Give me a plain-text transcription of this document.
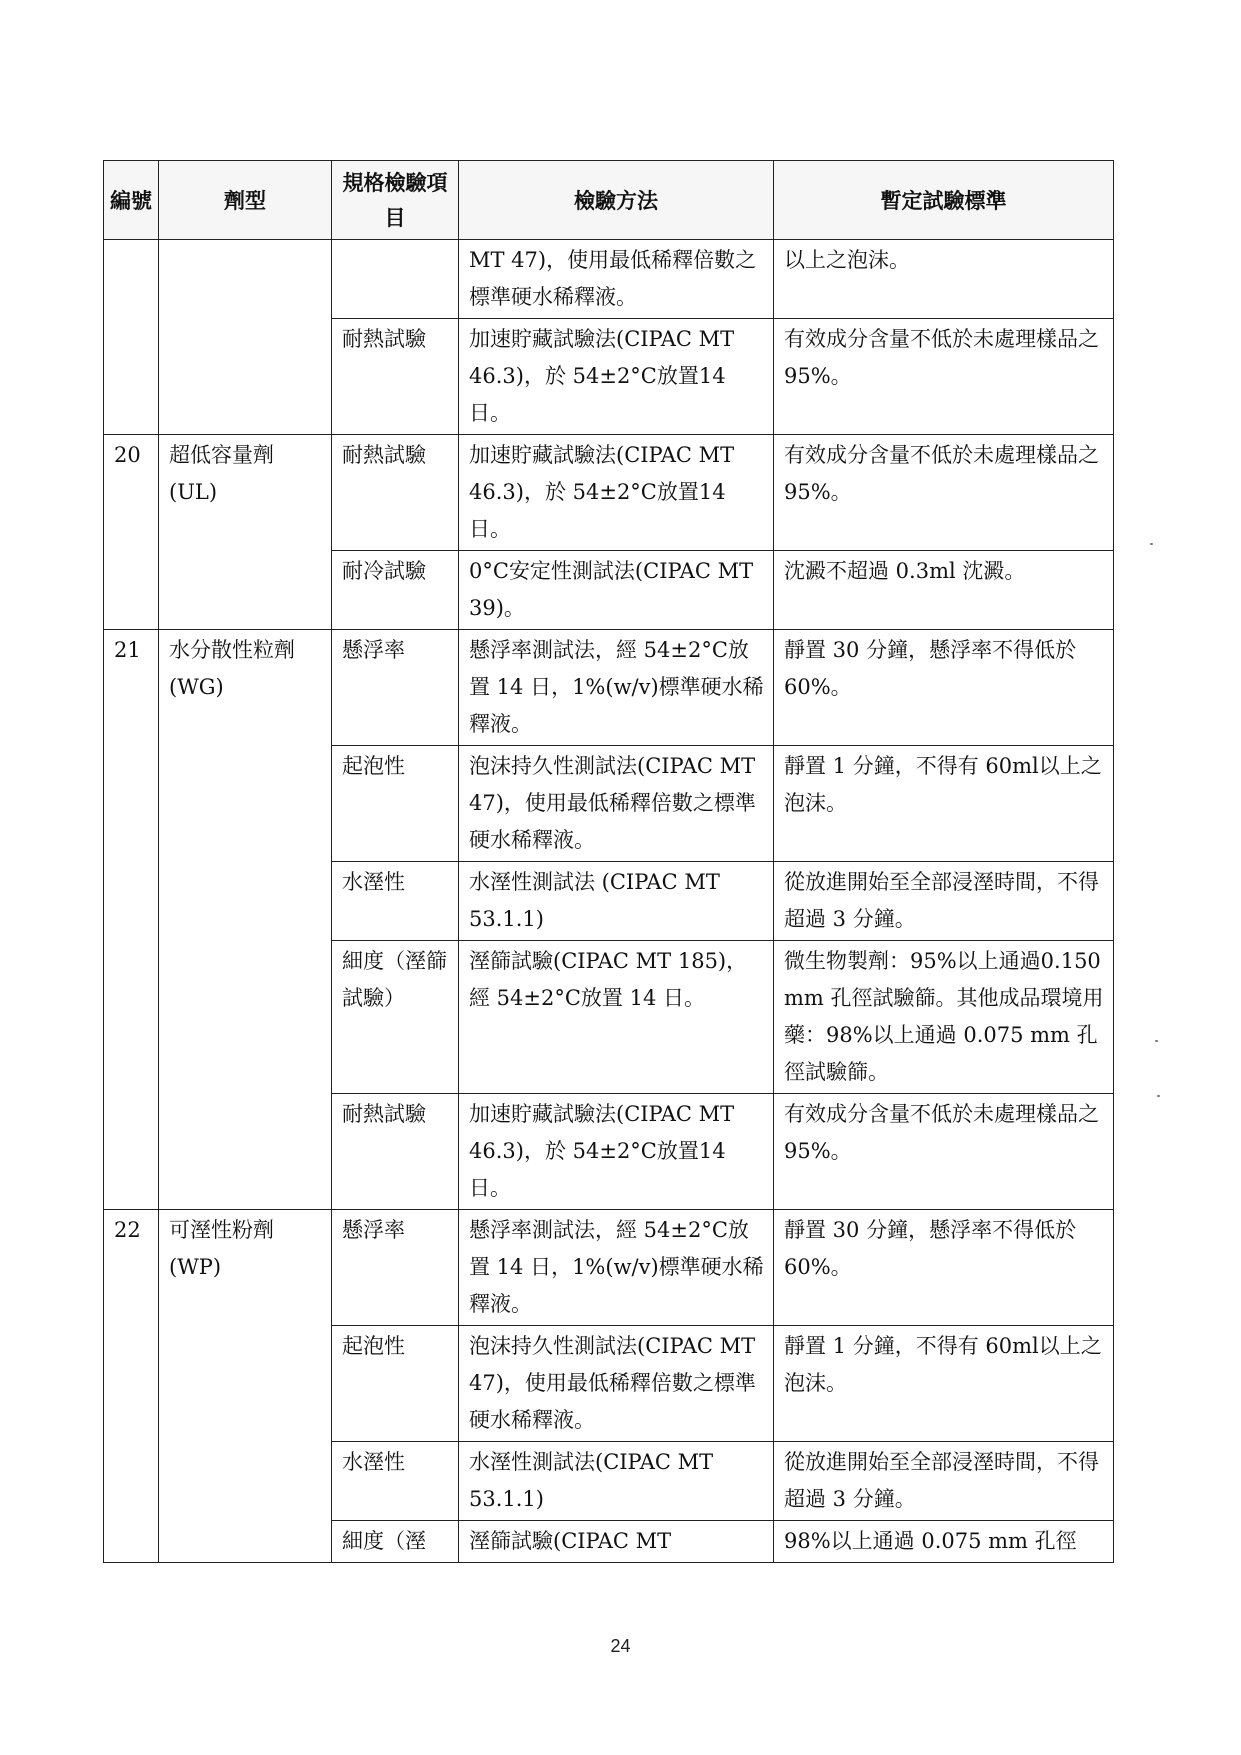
編號	劑型	規格檢驗項目	檢驗方法	暫定試驗標準
			MT 47)，使用最低稀釋倍數之標準硬水稀釋液。	以上之泡沫。
		耐熱試驗	加速貯藏試驗法(CIPAC MT 46.3)，於 54±2°C放置14 日。	有效成分含量不低於未處理樣品之 95%。
20	超低容量劑(UL)	耐熱試驗	加速貯藏試驗法(CIPAC MT 46.3)，於 54±2°C放置14 日。	有效成分含量不低於未處理樣品之 95%。
		耐冷試驗	0°C安定性測試法(CIPAC MT 39)。	沈澱不超過 0.3ml 沈澱。
21	水分散性粒劑(WG)	懸浮率	懸浮率測試法，經 54±2°C放置 14 日，1%(w/v)標準硬水稀釋液。	靜置 30 分鐘，懸浮率不得低於 60%。
		起泡性	泡沫持久性測試法(CIPAC MT 47)，使用最低稀釋倍數之標準硬水稀釋液。	靜置 1 分鐘，不得有 60ml以上之泡沫。
		水溼性	水溼性測試法 (CIPAC MT 53.1.1)	從放進開始至全部浸溼時間，不得超過 3 分鐘。
		細度（溼篩試驗）	溼篩試驗(CIPAC MT 185)，經 54±2°C放置 14 日。	微生物製劑：95%以上通過0.150 mm 孔徑試驗篩。其他成品環境用藥：98%以上通過 0.075 mm 孔徑試驗篩。
		耐熱試驗	加速貯藏試驗法(CIPAC MT 46.3)，於 54±2°C放置14 日。	有效成分含量不低於未處理樣品之 95%。
22	可溼性粉劑(WP)	懸浮率	懸浮率測試法，經 54±2°C放置 14 日，1%(w/v)標準硬水稀釋液。	靜置 30 分鐘，懸浮率不得低於 60%。
		起泡性	泡沫持久性測試法(CIPAC MT 47)，使用最低稀釋倍數之標準硬水稀釋液。	靜置 1 分鐘，不得有 60ml以上之泡沫。
		水溼性	水溼性測試法(CIPAC MT 53.1.1)	從放進開始至全部浸溼時間，不得超過 3 分鐘。
		細度（溼	溼篩試驗(CIPAC MT	98%以上通過 0.075 mm 孔徑
24
